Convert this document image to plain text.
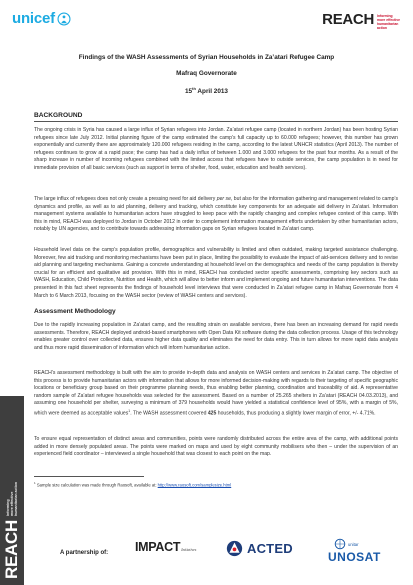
unicef	REACH Informing
more effective
humanitarian action
Findings of the WASH Assessments of Syrian Households in Za’atari Refugee Camp
Mafraq Governorate
15th April 2013
BACKGROUND
The ongoing crisis in Syria has caused a large influx of Syrian refugees into Jordan. Za’atari refugee camp (located in northern Jordan) has been hosting Syrian refugees since late July 2012. Initial planning figure of the camp estimated the camp’s full capacity up to 60.000 refugees; however, this number has grown exponentially and currently there are approximately 120.000 refugees residing in the camp, according to the latest UNHCR statistics (April 2013). The number of refugees continues to grow at a rapid pace; the camp has had a daily influx of between 1.000 and 3.000 refugees for the past four months. As a result of the sharp increase in number of incoming refugees combined with the limited access that refugees have to outside services, the camp population is in need for immediate provision of all basic services (such as support in terms of shelter, food, water, education and health services).
The large influx of refugees does not only create a pressing need for aid delivery per se, but also for the information gathering and management related to camp’s dynamics and profile, as well as to aid planning, delivery and tracking, which constitute key components for an adequate aid delivery in Za’atari. Information management systems available to humanitarian actors have struggled to keep pace with the rapidly changing and complex refugee context of this camp. With this in mind, REACH was deployed to Jordan in October 2012 in order to complement information management efforts undertaken by other humanitarian actors, notably by UN agencies, and to contribute towards addressing information gaps on Syrian refugees located in Za’atari camp.
Household level data on the camp’s population profile, demographics and vulnerability is limited and often outdated, making targeted assistance challenging. Moreover, few aid tracking and monitoring mechanisms have been put in place, limiting the possibility to evaluate the impact of aid-services delivery and to revise aid planning and targeting mechanisms. Gaining a concrete understanding at household level on the demographics and needs of the camp population is thereby crucial for an efficient and qualitative aid provision. With this in mind, REACH has conducted sector specific assessments, comprising key sectors such as WASH, Education, Child Protection, Nutrition and Health, which will allow to better inform and implement ongoing and future humanitarian interventions. The data presented in this fact sheet represents the findings of household level interviews that were conducted in Za’atari refugee camp in Mafraq Governorate from 4 March to 6 March 2013, focusing on the WASH sector (review of WASH centers and services).
Assessment Methodology
Due to the rapidly increasing population in Za’atari camp, and the resulting strain on available services, there has been an increasing demand for rapid needs assessments. Therefore, REACH deployed android-based smartphones with Open Data Kit software during the data collection process. Usage of this technology enables greater control over collected data, ensures higher data quality and eliminates the need for data entry. This in turn allows for more rapid data analysis and thus more rapid dissemination of information which will inform humanitarian action.
REACH’s assessment methodology is built with the aim to provide in-depth data and analysis on WASH centers and services in Za’atari camp. The objective of this process is to provide humanitarian actors with information that allows for more informed decision-making with regards to their targeting of specific geographic locations or beneficiary group based on their programme planning needs, thus enabling better planning, coordination and traceability of aid. A representative random sample of Za’atari refugee households was selected for the assessment. Based on a number of 25.265 shelters in Za’atari (REACH 04.03.2013), and assuming one household per shelter, surveying a minimum of 379 households would have yielded a statistical confidence level of 95%, with a margin of 5%, which were deemed as acceptable values$^1$. The WASH assessment covered 425 households, thus producing a slightly lower margin of error, +/- 4.71%.
To ensure equal representation of distinct areas and communities, points were randomly distributed across the entire area of the camp, with additional points added in more densely populated areas. The points were marked on maps and used by eight community mobilisers who then – under the supervision of an experienced field coordinator – interviewed a single household that was closest to each point on the map.
$^1$ Sample size calculation was made through Raosoft, available at: http://www.raosoft.com/samplesize.html
REACH
Informing more effective humanitarian action
A partnership of: IMPACT Initiatives	ACTED	unitar
UNOSAT
